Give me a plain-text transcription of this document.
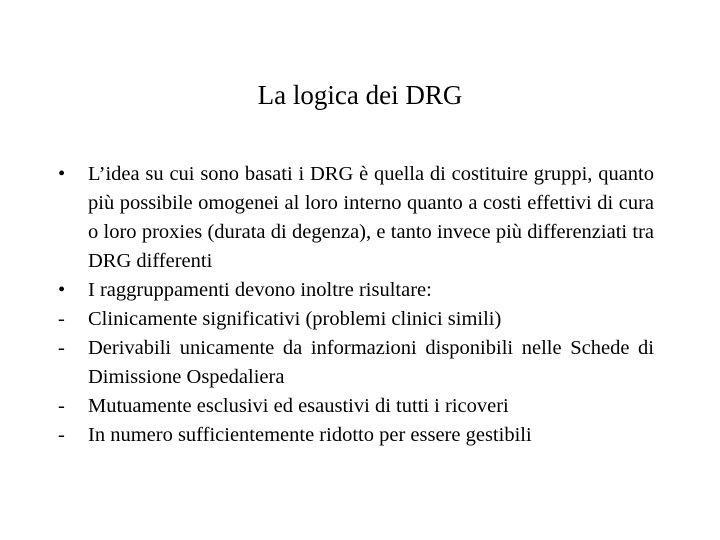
La logica dei DRG
•	L’idea su cui sono basati i DRG è quella di costituire gruppi, quanto più possibile omogenei al loro interno quanto a costi effettivi di cura o loro proxies (durata di degenza), e tanto invece più differenziati tra DRG differenti
•	I raggruppamenti devono inoltre risultare:
-	Clinicamente significativi (problemi clinici simili)
-	Derivabili unicamente da informazioni disponibili nelle Schede di Dimissione Ospedaliera
-	Mutuamente esclusivi ed esaustivi di tutti i ricoveri
-	In numero sufficientemente ridotto per essere gestibili
